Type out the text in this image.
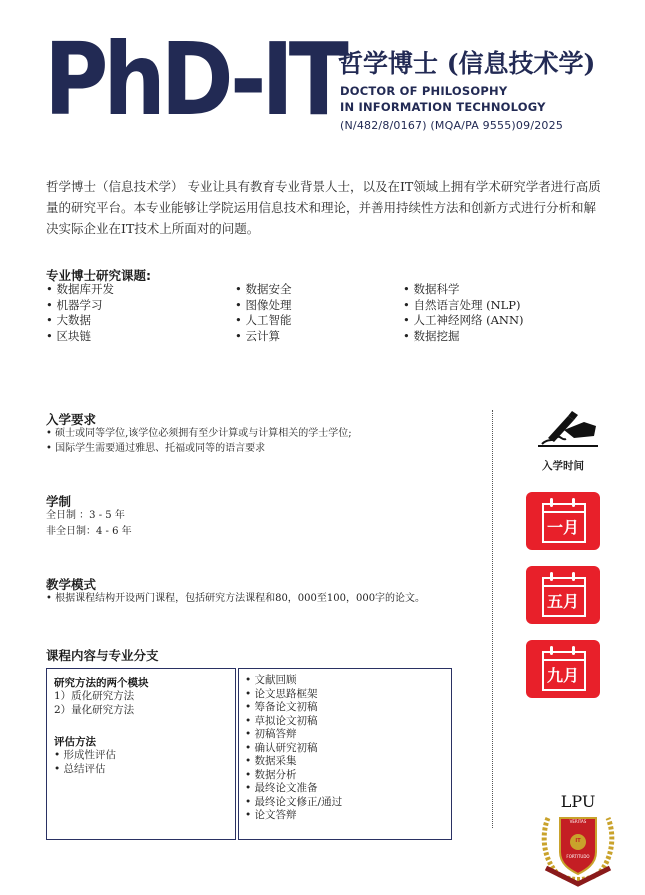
PhD-IT
哲学博士 (信息技术学)
DOCTOR OF PHILOSOPHY
IN INFORMATION TECHNOLOGY
(N/482/8/0167) (MQA/PA 9555)09/2025
哲学博士（信息技术学） 专业让具有教育专业背景人士，以及在IT领域上拥有学术研究学者进行高质量的研究平台。本专业能够让学院运用信息技术和理论，并善用持续性方法和创新方式进行分析和解决实际企业在IT技术上所面对的问题。
专业博士研究课题:
• 数据库开发
• 机器学习
• 大数据
• 区块链
• 数据安全
• 图像处理
• 人工智能
• 云计算
• 数据科学
• 自然语言处理 (NLP)
• 人工神经网络 (ANN)
• 数据挖掘
入学要求
• 硕士或同等学位,该学位必须拥有至少计算或与计算相关的学士学位;
• 国际学生需要通过雅思、托福或同等的语言要求
学制
全日制 ：3 - 5 年
非全日制：4 - 6 年
教学模式
• 根据课程结构开设两门课程，包括研究方法课程和80，000至100，000字的论文。
课程内容与专业分支
研究方法的两个模块
1）质化研究方法
2）量化研究方法
评估方法
• 形成性评估
• 总结评估
• 文献回顾
• 论文思路框架
• 筹备论文初稿
• 草拟论文初稿
• 初稿答辩
• 确认研究初稿
• 数据采集
• 数据分析
• 最终论文准备
• 最终论文修正/通过
• 论文答辩
入学时间
一月
五月
九月
LPU
VERITAS
IT
FORTITUDO
